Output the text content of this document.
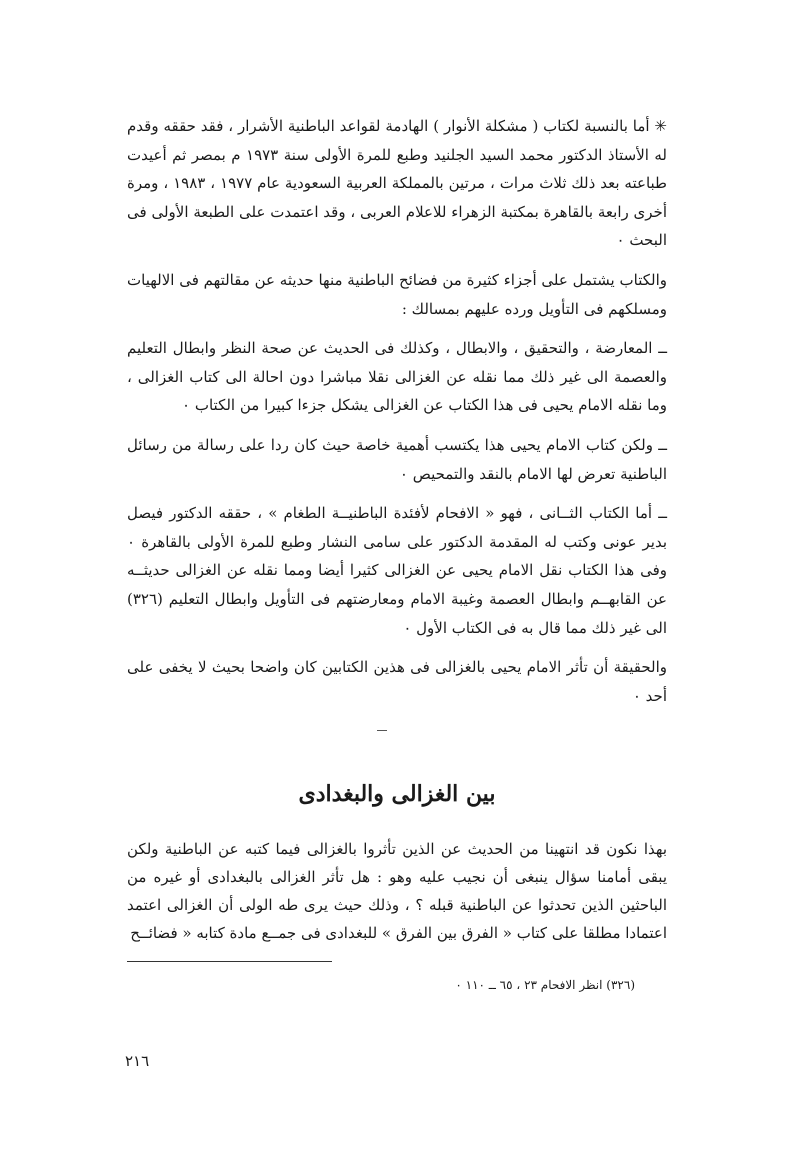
✳ أما بالنسبة لكتاب ( مشكلة الأنوار ) الهادمة لقواعد الباطنية الأشرار ، فقد حققه وقدم له الأستاذ الدكتور محمد السيد الجلنيد وطبع للمرة الأولى سنة ١٩٧٣ م بمصر ثم أعيدت طباعته بعد ذلك ثلاث مرات ، مرتين بالمملكة العربية السعودية عام ١٩٧٧ ، ١٩٨٣ ، ومرة أخرى رابعة بالقاهرة بمكتبة الزهراء للاعلام العربى ، وقد اعتمدت على الطبعة الأولى فى البحث ٠

والكتاب يشتمل على أجزاء كثيرة من فضائح الباطنية منها حديثه عن مقالتهم فى الالهيات ومسلكهم فى التأويل ورده عليهم بمسالك :

ــ المعارضة ، والتحقيق ، والابطال ، وكذلك فى الحديث عن صحة النظر وابطال التعليم والعصمة الى غير ذلك مما نقله عن الغزالى نقلا مباشرا دون احالة الى كتاب الغزالى ، وما نقله الامام يحيى فى هذا الكتاب عن الغزالى يشكل جزءا كبيرا من الكتاب ٠

ــ ولكن كتاب الامام يحيى هذا يكتسب أهمية خاصة حيث كان ردا على رسالة من رسائل الباطنية تعرض لها الامام بالنقد والتمحيص ٠

ــ أما الكتاب الثــانى ، فهو « الافحام لأفئدة الباطنيــة الطغام » ، حققه الدكتور فيصل بدير عونى وكتب له المقدمة الدكتور على سامى النشار وطبع للمرة الأولى بالقاهرة ٠ وفى هذا الكتاب نقل الامام يحيى عن الغزالى كثيرا أيضا ومما نقله عن الغزالى حديثــه عن القابهــم وابطال العصمة وغيبة الامام ومعارضتهم فى التأويل وابطال التعليم (٣٢٦) الى غير ذلك مما قال به فى الكتاب الأول ٠

والحقيقة أن تأثر الامام يحيى بالغزالى فى هذين الكتابين كان واضحا بحيث لا يخفى على أحد ٠

بين الغزالى والبغدادى

بهذا نكون قد انتهينا من الحديث عن الذين تأثروا بالغزالى فيما كتبه عن الباطنية ولكن يبقى أمامنا سؤال ينبغى أن نجيب عليه وهو : هل تأثر الغزالى بالبغدادى أو غيره من الباحثين الذين تحدثوا عن الباطنية قبله ؟ ، وذلك حيث يرى طه الولى أن الغزالى اعتمد اعتمادا مطلقا على كتاب « الفرق بين الفرق » للبغدادى فى جمــع مادة كتابه « فضائــح

(٣٢٦) انظر الافحام ٢٣ ، ٦٥ ــ ١١٠ ٠

٢١٦
